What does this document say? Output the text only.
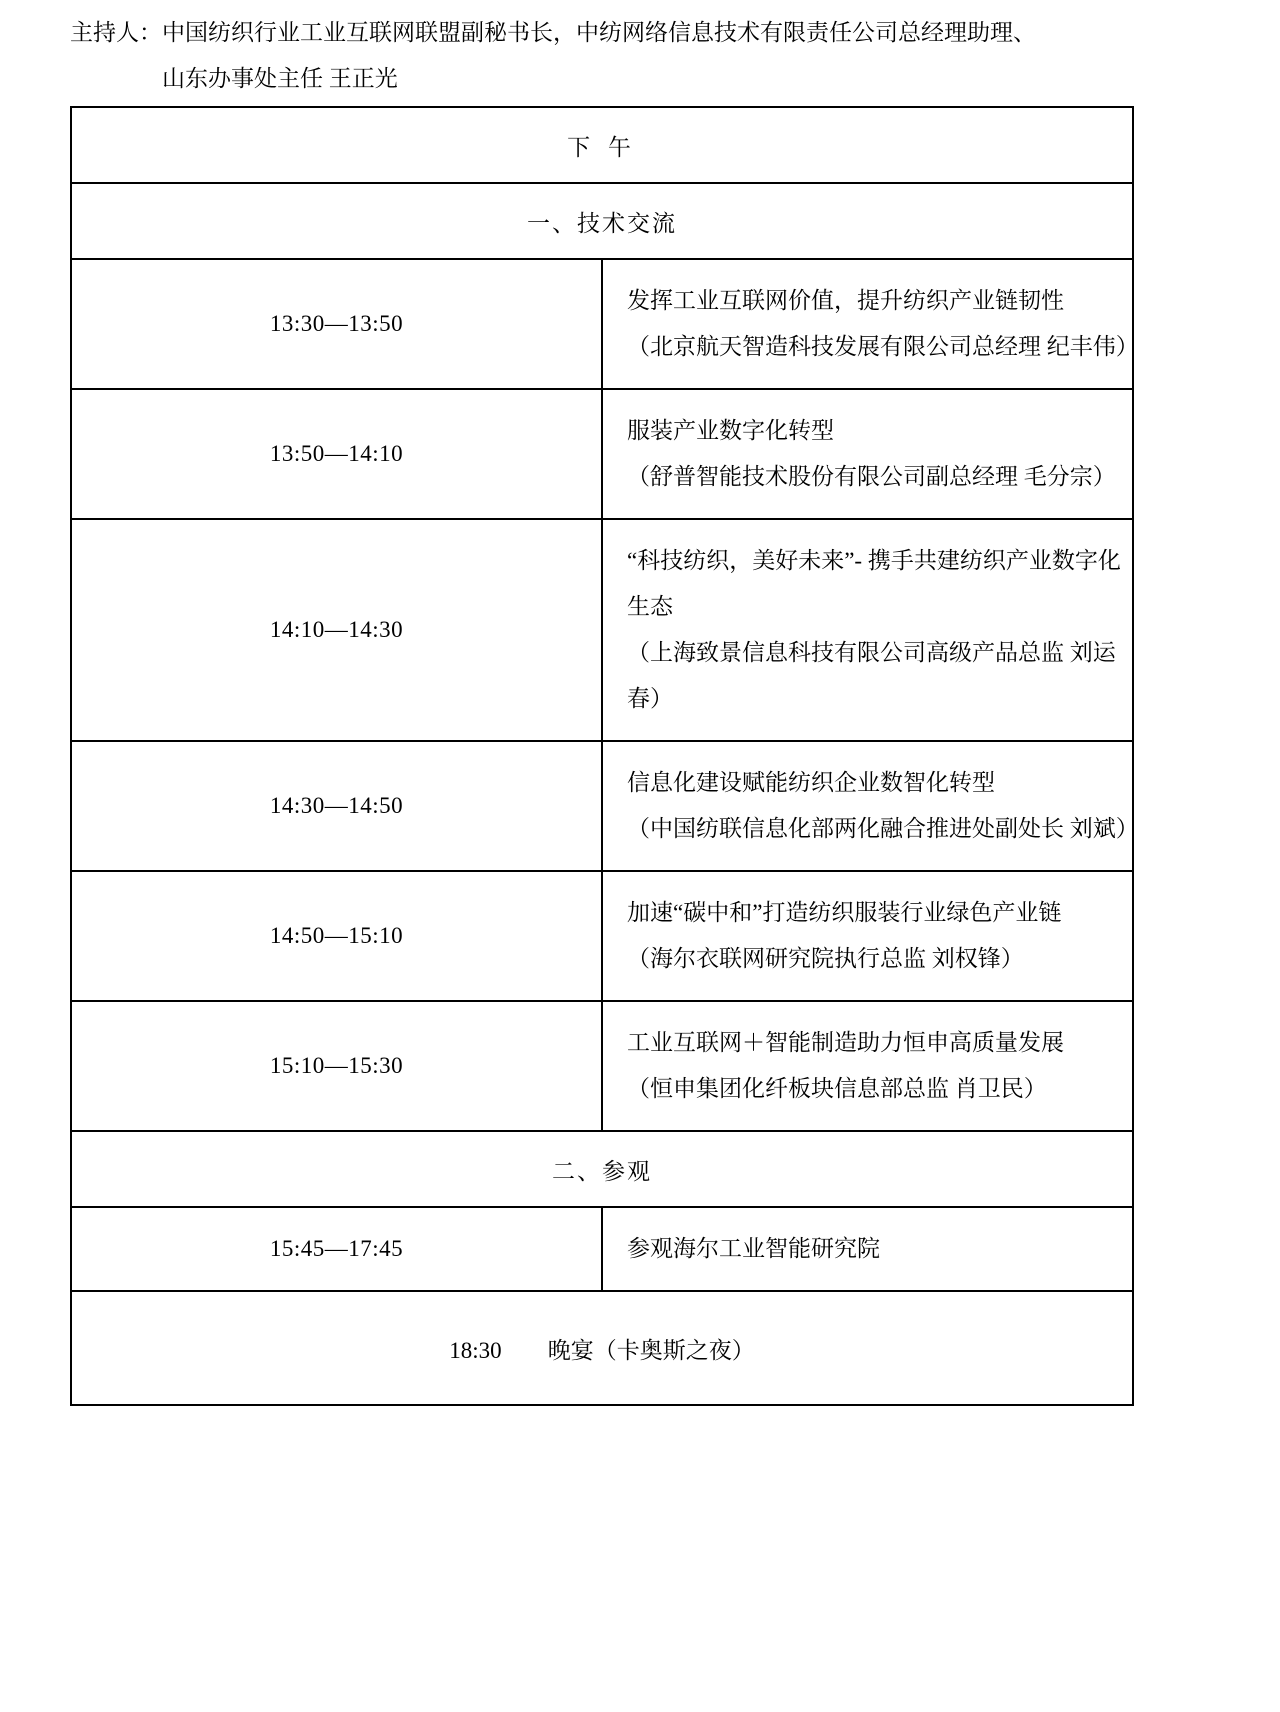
主持人：中国纺织行业工业互联网联盟副秘书长，中纺网络信息技术有限责任公司总经理助理、
山东办事处主任 王正光
下 午	
一、技术交流	
13:30—13:50	发挥工业互联网价值，提升纺织产业链韧性
（北京航天智造科技发展有限公司总经理 纪丰伟）

13:50—14:10	服装产业数字化转型
（舒普智能技术股份有限公司副总经理 毛分宗）

14:10—14:30	“科技纺织，美好未来”- 携手共建纺织产业数字化生态
（上海致景信息科技有限公司高级产品总监 刘运春）

14:30—14:50	信息化建设赋能纺织企业数智化转型
（中国纺联信息化部两化融合推进处副处长 刘斌）

14:50—15:10	加速“碳中和”打造纺织服装行业绿色产业链
（海尔衣联网研究院执行总监 刘权锋）

15:10—15:30	工业互联网＋智能制造助力恒申高质量发展
（恒申集团化纤板块信息部总监 肖卫民）

二、参观	
15:45—17:45	参观海尔工业智能研究院

18:30 晚宴（卡奥斯之夜）	
